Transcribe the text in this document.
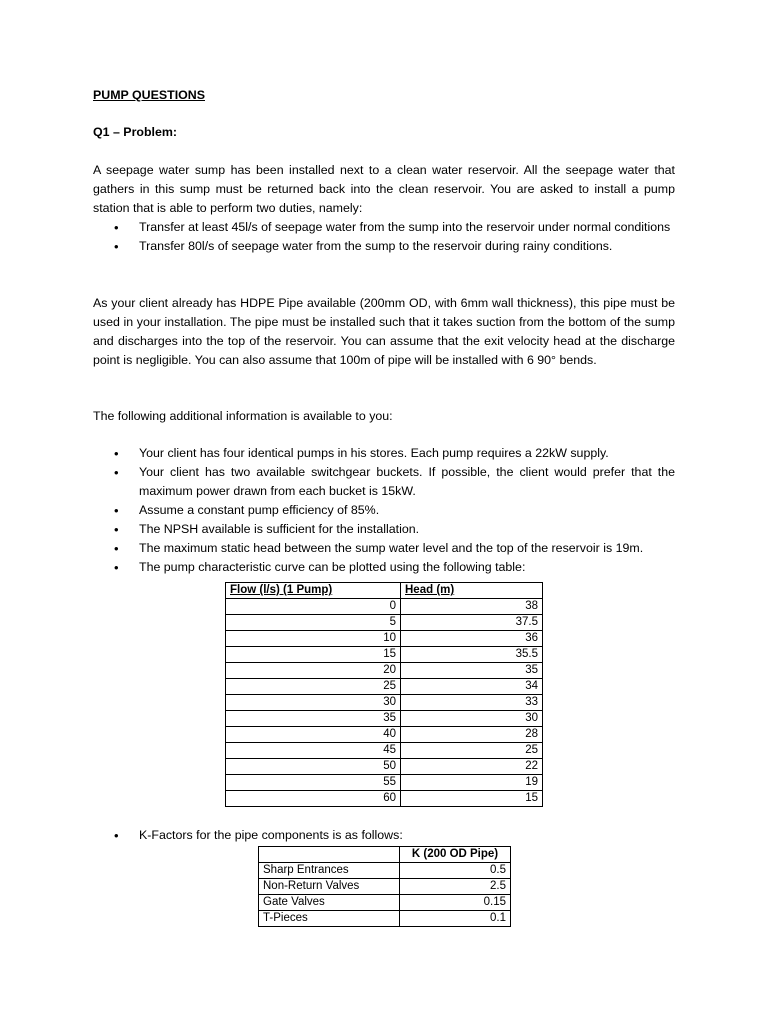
PUMP QUESTIONS
Q1 – Problem:

A seepage water sump has been installed next to a clean water reservoir. All the seepage water that gathers in this sump must be returned back into the clean reservoir. You are asked to install a pump station that is able to perform two duties, namely:

• Transfer at least 45l/s of seepage water from the sump into the reservoir under normal conditions
• Transfer 80l/s of seepage water from the sump to the reservoir during rainy conditions.

As your client already has HDPE Pipe available (200mm OD, with 6mm wall thickness), this pipe must be used in your installation. The pipe must be installed such that it takes suction from the bottom of the sump and discharges into the top of the reservoir. You can assume that the exit velocity head at the discharge point is negligible. You can also assume that 100m of pipe will be installed with 6 90° bends.

The following additional information is available to you:

• Your client has four identical pumps in his stores. Each pump requires a 22kW supply.
• Your client has two available switchgear buckets. If possible, the client would prefer that the maximum power drawn from each bucket is 15kW.
• Assume a constant pump efficiency of 85%.
• The NPSH available is sufficient for the installation.
• The maximum static head between the sump water level and the top of the reservoir is 19m.
• The pump characteristic curve can be plotted using the following table:
Flow (l/s) (1 Pump)	Head (m)
0	38
5	37.5
10	36
15	35.5
20	35
25	34
30	33
35	30
40	28
45	25
50	22
55	19
60	15
• K-Factors for the pipe components is as follows:
	K (200 OD Pipe)
Sharp Entrances	0.5
Non-Return Valves	2.5
Gate Valves	0.15
T-Pieces	0.1
